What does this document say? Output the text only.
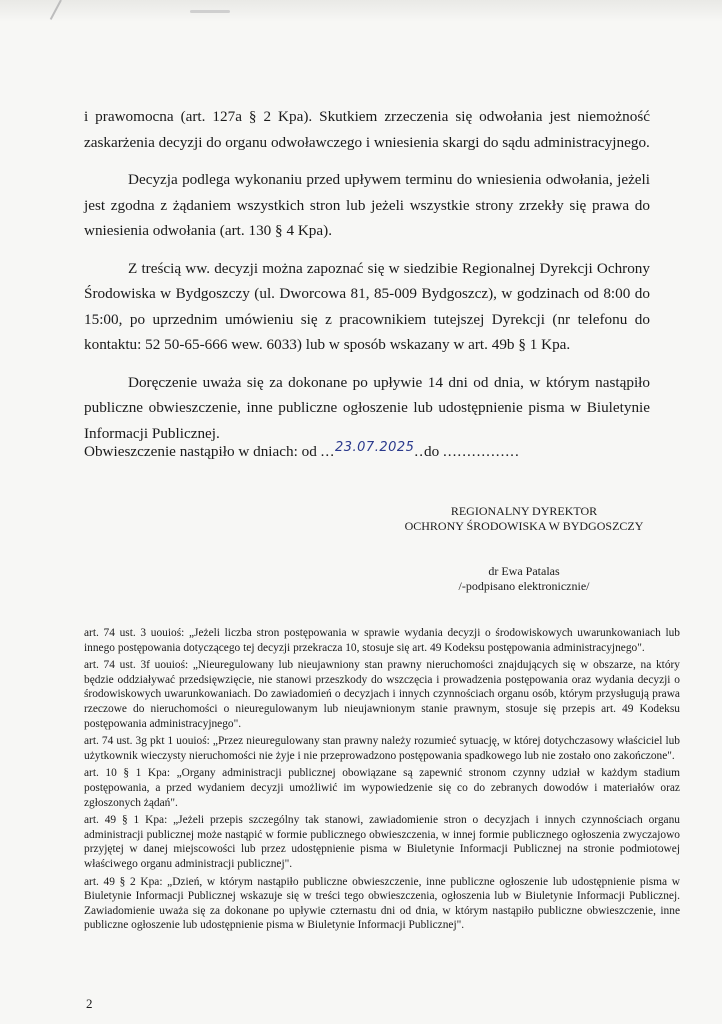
i prawomocna (art. 127a § 2 Kpa). Skutkiem zrzeczenia się odwołania jest niemożność zaskarżenia decyzji do organu odwoławczego i wniesienia skargi do sądu administracyjnego.

Decyzja podlega wykonaniu przed upływem terminu do wniesienia odwołania, jeżeli jest zgodna z żądaniem wszystkich stron lub jeżeli wszystkie strony zrzekły się prawa do wniesienia odwołania (art. 130 § 4 Kpa).

Z treścią ww. decyzji można zapoznać się w siedzibie Regionalnej Dyrekcji Ochrony Środowiska w Bydgoszczy (ul. Dworcowa 81, 85-009 Bydgoszcz), w godzinach od 8:00 do 15:00, po uprzednim umówieniu się z pracownikiem tutejszej Dyrekcji (nr telefonu do kontaktu: 52 50-65-666 wew. 6033) lub w sposób wskazany w art. 49b § 1 Kpa.

Doręczenie uważa się za dokonane po upływie 14 dni od dnia, w którym nastąpiło publiczne obwieszczenie, inne publiczne ogłoszenie lub udostępnienie pisma w Biuletynie Informacji Publicznej.

Obwieszczenie nastąpiło w dniach: od ...23.07.2025..do ................
REGIONALNY DYREKTOR
OCHRONY ŚRODOWISKA W BYDGOSZCZY
dr Ewa Patalas
/-podpisano elektronicznie/
art. 74 ust. 3 uouioś: „Jeżeli liczba stron postępowania w sprawie wydania decyzji o środowiskowych uwarunkowaniach lub innego postępowania dotyczącego tej decyzji przekracza 10, stosuje się art. 49 Kodeksu postępowania administracyjnego".
art. 74 ust. 3f uouioś: „Nieuregulowany lub nieujawniony stan prawny nieruchomości znajdujących się w obszarze, na który będzie oddziaływać przedsięwzięcie, nie stanowi przeszkody do wszczęcia i prowadzenia postępowania oraz wydania decyzji o środowiskowych uwarunkowaniach. Do zawiadomień o decyzjach i innych czynnościach organu osób, którym przysługują prawa rzeczowe do nieruchomości o nieuregulowanym lub nieujawnionym stanie prawnym, stosuje się przepis art. 49 Kodeksu postępowania administracyjnego".
art. 74 ust. 3g pkt 1 uouioś: „Przez nieuregulowany stan prawny należy rozumieć sytuację, w której dotychczasowy właściciel lub użytkownik wieczysty nieruchomości nie żyje i nie przeprowadzono postępowania spadkowego lub nie zostało ono zakończone".
art. 10 § 1 Kpa: „Organy administracji publicznej obowiązane są zapewnić stronom czynny udział w każdym stadium postępowania, a przed wydaniem decyzji umożliwić im wypowiedzenie się co do zebranych dowodów i materiałów oraz zgłoszonych żądań".
art. 49 § 1 Kpa: „Jeżeli przepis szczególny tak stanowi, zawiadomienie stron o decyzjach i innych czynnościach organu administracji publicznej może nastąpić w formie publicznego obwieszczenia, w innej formie publicznego ogłoszenia zwyczajowo przyjętej w danej miejscowości lub przez udostępnienie pisma w Biuletynie Informacji Publicznej na stronie podmiotowej właściwego organu administracji publicznej".
art. 49 § 2 Kpa: „Dzień, w którym nastąpiło publiczne obwieszczenie, inne publiczne ogłoszenie lub udostępnienie pisma w Biuletynie Informacji Publicznej wskazuje się w treści tego obwieszczenia, ogłoszenia lub w Biuletynie Informacji Publicznej. Zawiadomienie uważa się za dokonane po upływie czternastu dni od dnia, w którym nastąpiło publiczne obwieszczenie, inne publiczne ogłoszenie lub udostępnienie pisma w Biuletynie Informacji Publicznej".
2
